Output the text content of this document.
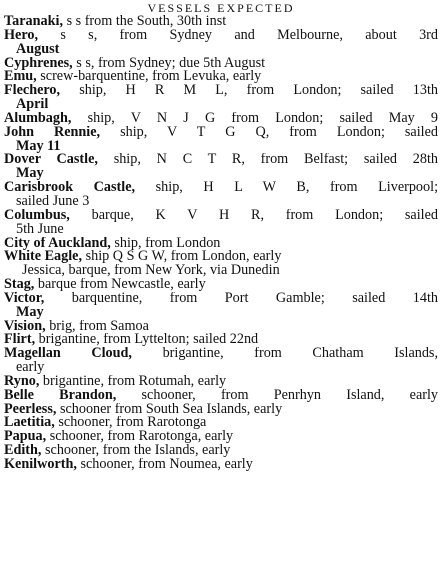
VESSELS EXPECTED
Taranaki, s s from the South, 30th inst
Hero, s s, from Sydney and Melbourne, about 3rd
August
Cyphrenes, s s, from Sydney; due 5th August
Emu, screw-barquentine, from Levuka, early
Flechero, ship, H R M L, from London; sailed 13th
April
Alumbagh, ship, V N J G from London; sailed May 9
John Rennie, ship, V T G Q, from London; sailed
May 11
Dover Castle, ship, N C T R, from Belfast; sailed 28th
May
Carisbrook Castle, ship, H L W B, from Liverpool;
sailed June 3
Columbus, barque, K V H R, from London; sailed
5th June
City of Auckland, ship, from London
White Eagle, ship Q S G W, from London, early
Jessica, barque, from New York, via Dunedin
Stag, barque from Newcastle, early
Victor, barquentine, from Port Gamble; sailed 14th
May
Vision, brig, from Samoa
Flirt, brigantine, from Lyttelton; sailed 22nd
Magellan Cloud, brigantine, from Chatham Islands,
early
Ryno, brigantine, from Rotumah, early
Belle Brandon, schooner, from Penrhyn Island, early
Peerless, schooner from South Sea Islands, early
Laetitia, schooner, from Rarotonga
Papua, schooner, from Rarotonga, early
Edith, schooner, from the Islands, early
Kenilworth, schooner, from Noumea, early
